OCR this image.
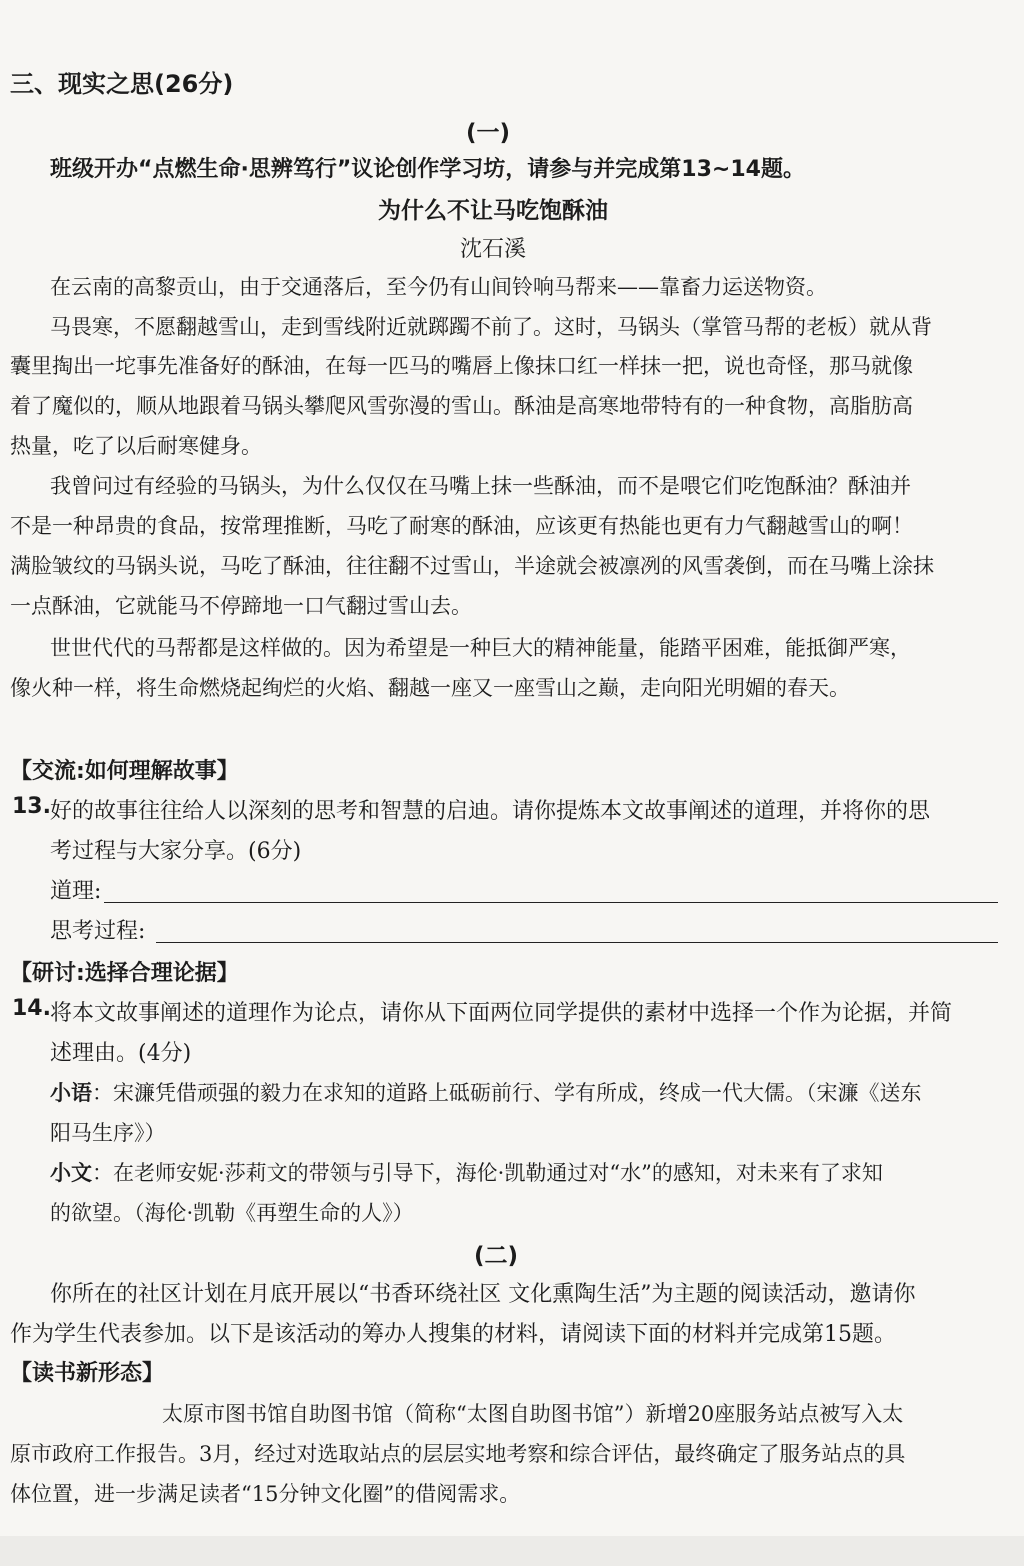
三、现实之思(26分)
(一)
班级开办“点燃生命·思辨笃行”议论创作学习坊，请参与并完成第13~14题。
为什么不让马吃饱酥油
沈石溪
在云南的高黎贡山，由于交通落后，至今仍有山间铃响马帮来——靠畜力运送物资。
马畏寒，不愿翻越雪山，走到雪线附近就踯躅不前了。这时，马锅头（掌管马帮的老板）就从背
囊里掏出一坨事先准备好的酥油，在每一匹马的嘴唇上像抹口红一样抹一把，说也奇怪，那马就像
着了魔似的，顺从地跟着马锅头攀爬风雪弥漫的雪山。酥油是高寒地带特有的一种食物，高脂肪高
热量，吃了以后耐寒健身。
我曾问过有经验的马锅头，为什么仅仅在马嘴上抹一些酥油，而不是喂它们吃饱酥油？酥油并
不是一种昂贵的食品，按常理推断，马吃了耐寒的酥油，应该更有热能也更有力气翻越雪山的啊！
满脸皱纹的马锅头说，马吃了酥油，往往翻不过雪山，半途就会被凛冽的风雪袭倒，而在马嘴上涂抹
一点酥油，它就能马不停蹄地一口气翻过雪山去。
世世代代的马帮都是这样做的。因为希望是一种巨大的精神能量，能踏平困难，能抵御严寒，
像火种一样，将生命燃烧起绚烂的火焰、翻越一座又一座雪山之巅，走向阳光明媚的春天。
【交流:如何理解故事】
13. 好的故事往往给人以深刻的思考和智慧的启迪。请你提炼本文故事阐述的道理，并将你的思
考过程与大家分享。(6分)
道理:
思考过程:
【研讨:选择合理论据】
14. 将本文故事阐述的道理作为论点，请你从下面两位同学提供的素材中选择一个作为论据，并简
述理由。(4分)
小语：宋濂凭借顽强的毅力在求知的道路上砥砺前行、学有所成，终成一代大儒。（宋濂《送东
阳马生序》）
小文：在老师安妮·莎莉文的带领与引导下，海伦·凯勒通过对“水”的感知，对未来有了求知
的欲望。（海伦·凯勒《再塑生命的人》）
(二)
你所在的社区计划在月底开展以“书香环绕社区 文化熏陶生活”为主题的阅读活动，邀请你
作为学生代表参加。以下是该活动的筹办人搜集的材料，请阅读下面的材料并完成第15题。
【读书新形态】
太原市图书馆自助图书馆（简称“太图自助图书馆”）新增20座服务站点被写入太
原市政府工作报告。3月，经过对选取站点的层层实地考察和综合评估，最终确定了服务站点的具
体位置，进一步满足读者“15分钟文化圈”的借阅需求。
